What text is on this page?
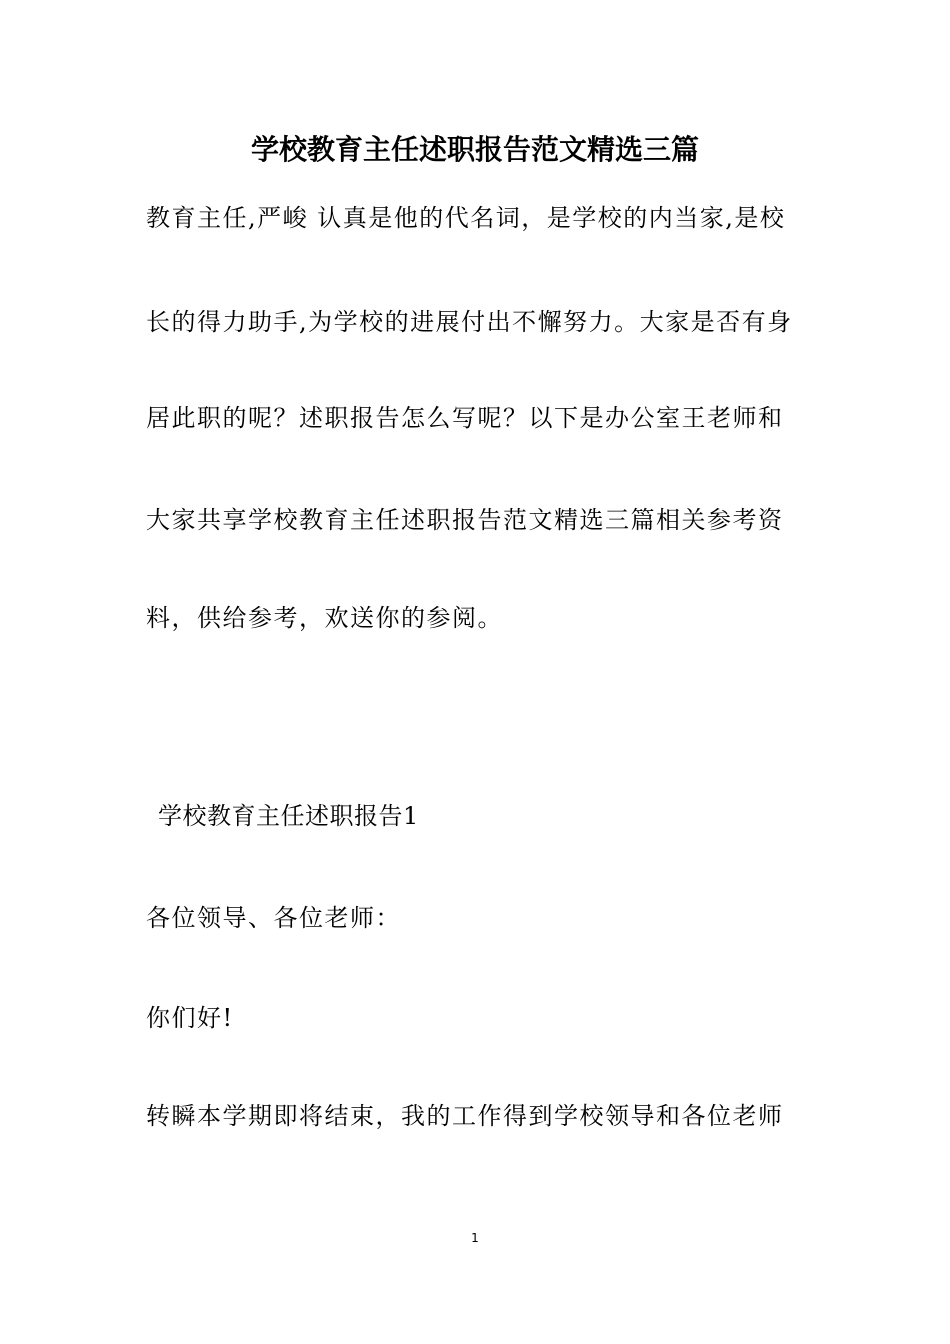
学校教育主任述职报告范文精选三篇
教育主任,严峻 认真是他的代名词，是学校的内当家,是校
长的得力助手,为学校的进展付出不懈努力。大家是否有身
居此职的呢？述职报告怎么写呢？以下是办公室王老师和
大家共享学校教育主任述职报告范文精选三篇相关参考资
料，供给参考，欢送你的参阅。
学校教育主任述职报告1
各位领导、各位老师：
你们好!
转瞬本学期即将结束，我的工作得到学校领导和各位老师
1
